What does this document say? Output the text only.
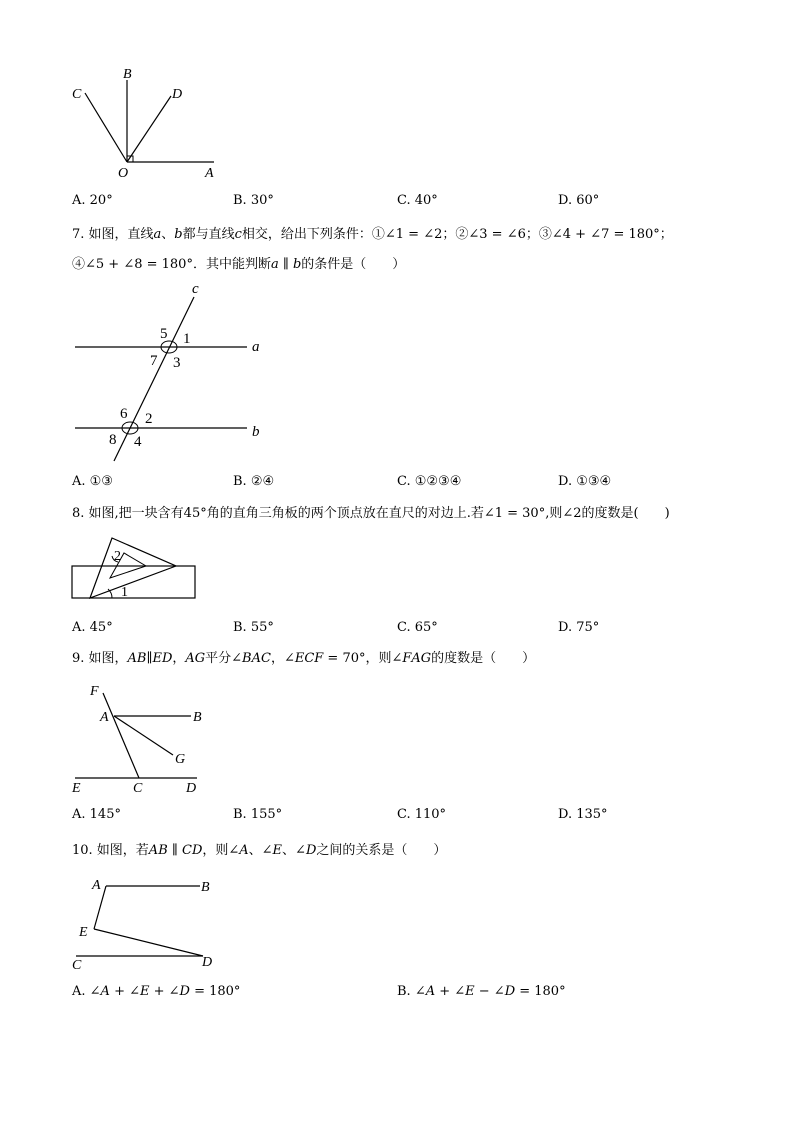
C
B
D
O	A
A. 20°	B. 30°	C. 40°	D. 60°
7. 如图，直线𝑎、𝑏都与直线𝑐相交，给出下列条件：①∠1 = ∠2；②∠3 = ∠6；③∠4 + ∠7 = 180°；
④∠5 + ∠8 = 180°．其中能判断𝑎 ∥ 𝑏的条件是（　　）
c
a
b
5 1
7 3
6 2
8 4
A. ①③	B. ②④	C. ①②③④	D. ①③④
8. 如图,把一块含有45°角的直角三角板的两个顶点放在直尺的对边上.若∠1 = 30°,则∠2的度数是(　　)
1
2
A. 45°	B. 55°	C. 65°	D. 75°
9. 如图，𝐴𝐵∥𝐸𝐷，𝐴𝐺平分∠𝐵𝐴𝐶，∠𝐸𝐶𝐹 = 70°，则∠𝐹𝐴𝐺的度数是（　　）
F
A	B
G
E	C	D
A. 145°	B. 155°	C. 110°	D. 135°
10. 如图，若𝐴𝐵 ∥ 𝐶𝐷，则∠𝐴、∠𝐸、∠𝐷之间的关系是（　　）
A	B
E
C	D
A. ∠𝐴 + ∠𝐸 + ∠𝐷 = 180°	B. ∠𝐴 + ∠𝐸 − ∠𝐷 = 180°
